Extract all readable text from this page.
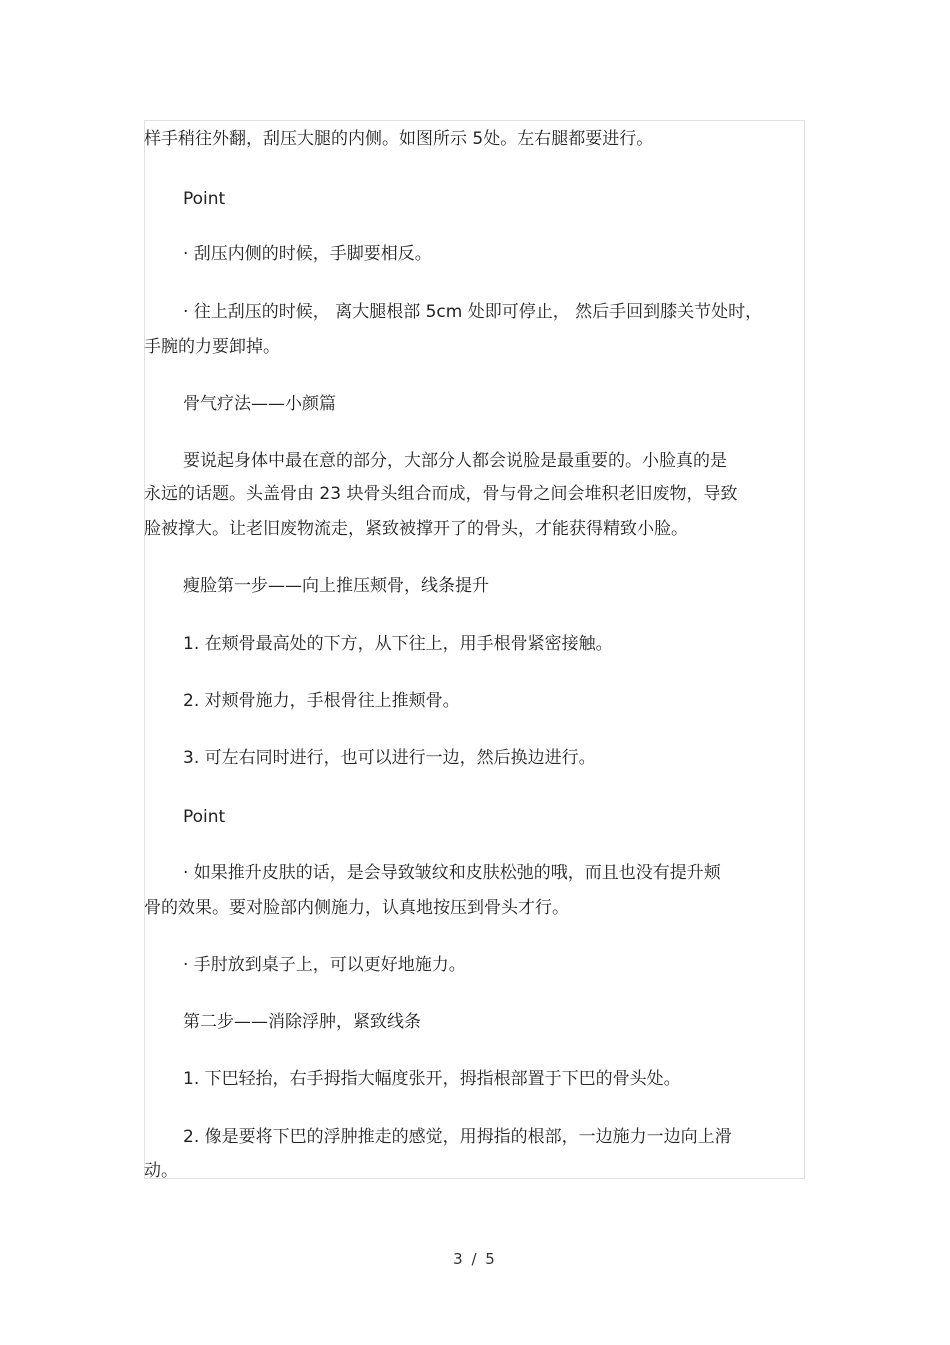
样手稍往外翻，刮压大腿的内侧。如图所示 5处。左右腿都要进行。
Point
· 刮压内侧的时候，手脚要相反。
· 往上刮压的时候， 离大腿根部 5cm 处即可停止， 然后手回到膝关节处时，
手腕的力要卸掉。
骨气疗法——小颜篇
要说起身体中最在意的部分，大部分人都会说脸是最重要的。小脸真的是
永远的话题。头盖骨由 23 块骨头组合而成，骨与骨之间会堆积老旧废物，导致
脸被撑大。让老旧废物流走，紧致被撑开了的骨头，才能获得精致小脸。
瘦脸第一步——向上推压颊骨，线条提升
1. 在颊骨最高处的下方，从下往上，用手根骨紧密接触。
2. 对颊骨施力，手根骨往上推颊骨。
3. 可左右同时进行，也可以进行一边，然后换边进行。
Point
· 如果推升皮肤的话，是会导致皱纹和皮肤松弛的哦，而且也没有提升颊
骨的效果。要对脸部内侧施力，认真地按压到骨头才行。
· 手肘放到桌子上，可以更好地施力。
第二步——消除浮肿，紧致线条
1. 下巴轻抬，右手拇指大幅度张开，拇指根部置于下巴的骨头处。
2. 像是要将下巴的浮肿推走的感觉，用拇指的根部，一边施力一边向上滑
动。
3 / 5
